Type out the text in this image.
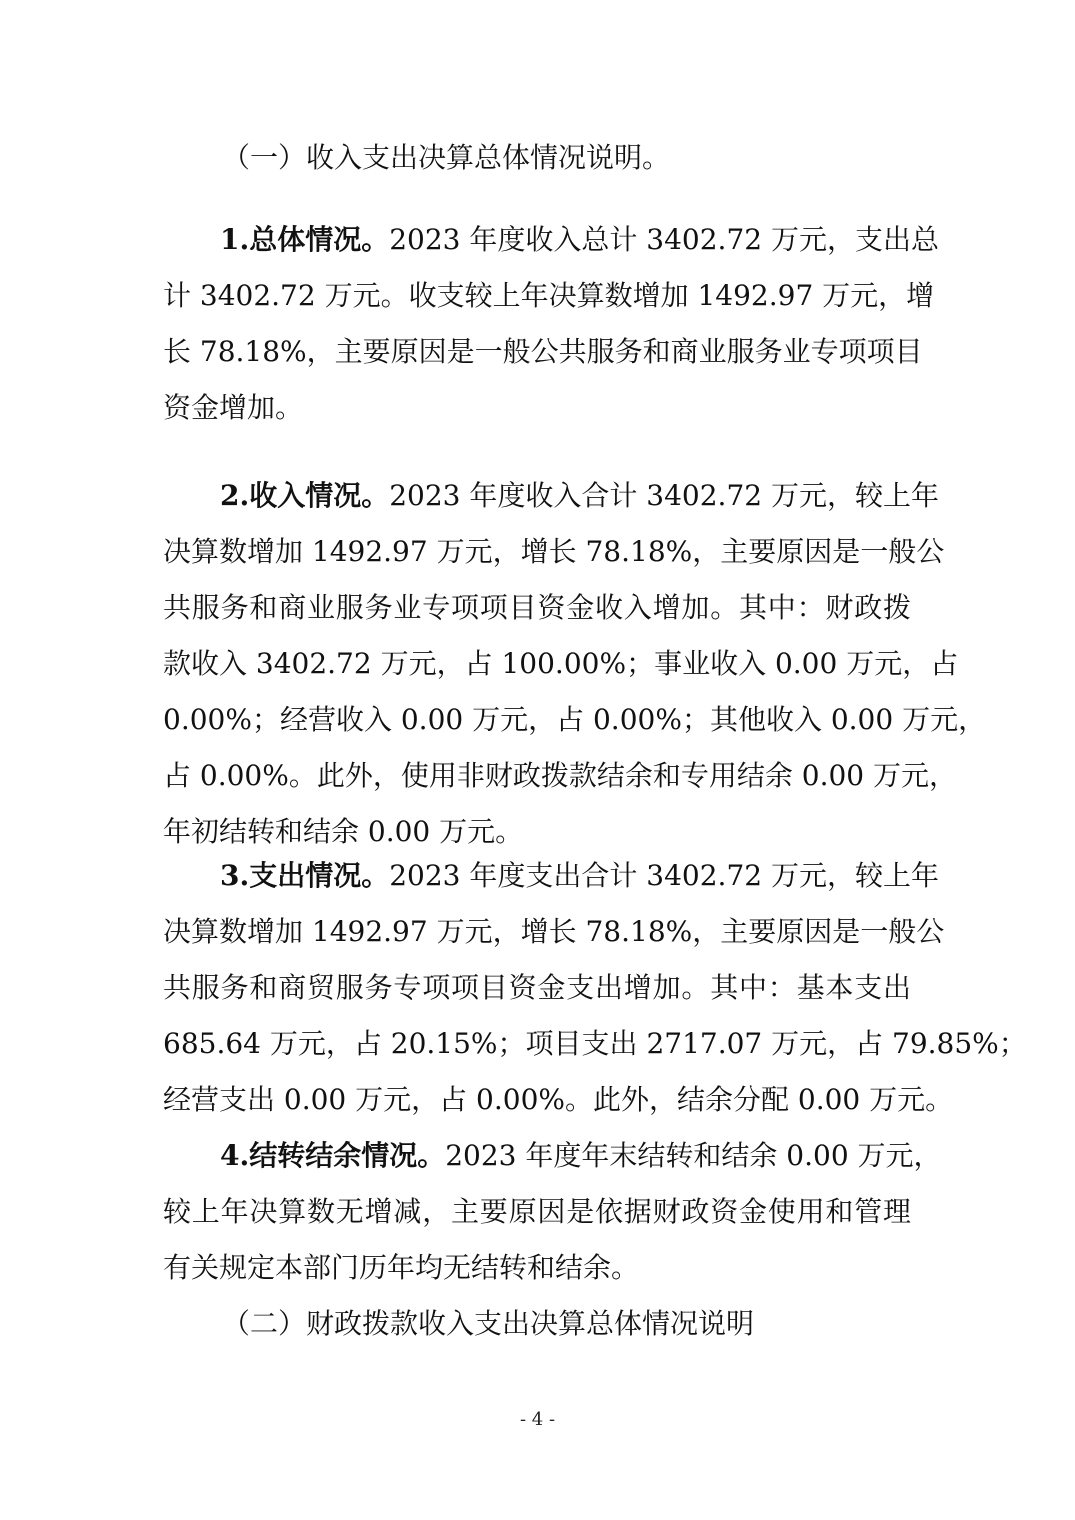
（一）收入支出决算总体情况说明。
1.总体情况。2023 年度收入总计 3402.72 万元，支出总
计 3402.72 万元。收支较上年决算数增加 1492.97 万元，增
长 78.18%，主要原因是一般公共服务和商业服务业专项项目
资金增加。
2.收入情况。2023 年度收入合计 3402.72 万元，较上年
决算数增加 1492.97 万元，增长 78.18%，主要原因是一般公
共服务和商业服务业专项项目资金收入增加。其中：财政拨
款收入 3402.72 万元，占 100.00%；事业收入 0.00 万元，占
0.00%；经营收入 0.00 万元，占 0.00%；其他收入 0.00 万元，
占 0.00%。此外，使用非财政拨款结余和专用结余 0.00 万元，
年初结转和结余 0.00 万元。
3.支出情况。2023 年度支出合计 3402.72 万元，较上年
决算数增加 1492.97 万元，增长 78.18%，主要原因是一般公
共服务和商贸服务专项项目资金支出增加。其中：基本支出
685.64 万元，占 20.15%；项目支出 2717.07 万元，占 79.85%；
经营支出 0.00 万元，占 0.00%。此外，结余分配 0.00 万元。
4.结转结余情况。2023 年度年末结转和结余 0.00 万元，
较上年决算数无增减，主要原因是依据财政资金使用和管理
有关规定本部门历年均无结转和结余。
（二）财政拨款收入支出决算总体情况说明
- 4 -
